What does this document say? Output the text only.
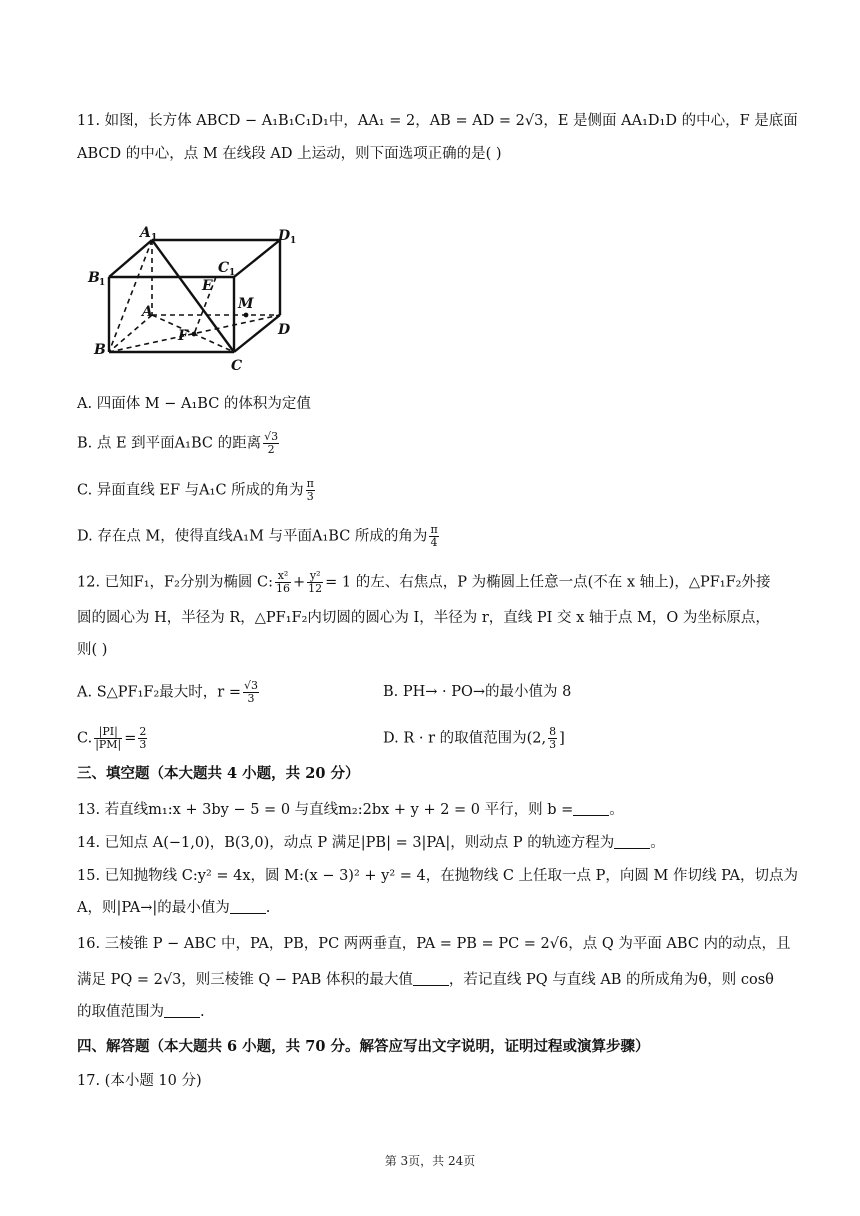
11. 如图，长方体 ABCD − A₁B₁C₁D₁中，AA₁ = 2，AB = AD = 2√3，E 是侧面 AA₁D₁D 的中心，F 是底面
ABCD 的中心，点 M 在线段 AD 上运动，则下面选项正确的是( )
A 1	D 1
B 1
C 1
E
M
A
D
F
B
C
A. 四面体 M − A₁BC 的体积为定值
B. 点 E 到平面A₁BC 的距离 $\frac{√3}{2}$
C. 异面直线 EF 与A₁C 所成的角为 $\frac{\pi}{3}$
D. 存在点 M，使得直线A₁M 与平面A₁BC 所成的角为 $\frac{\pi}{4}$
12. 已知F₁，F₂分别为椭圆 C: $\frac{\text{x²}}{16} + \frac{\text{y²}}{12} = 1$ 的左、右焦点，P 为椭圆上任意一点(不在 x 轴上)，△PF₁F₂外接
圆的圆心为 H，半径为 R，△PF₁F₂内切圆的圆心为 I，半径为 r，直线 PI 交 x 轴于点 M，O 为坐标原点，
则( )
A. S△PF₁F₂最大时，$r = \frac{√3}{3}$	B. PH→ · PO→的最小值为 8
C. $\frac{|PI|}{|PM|} = \frac{2}{3}$	D. R · r 的取值范围为(2, $\frac{8}{3}$ ]
三、填空题（本大题共 4 小题，共 20 分）
13. 若直线m₁:x + 3by − 5 = 0 与直线m₂:2bx + y + 2 = 0 平行，则 b = 。
14. 已知点 A(−1,0)，B(3,0)，动点 P 满足|PB| = 3|PA|，则动点 P 的轨迹方程为 。
15. 已知抛物线 C:y² = 4x，圆 M:(x − 3)² + y² = 4，在抛物线 C 上任取一点 P，向圆 M 作切线 PA，切点为
A，则|PA→|的最小值为 .
16. 三棱锥 P − ABC 中，PA，PB，PC 两两垂直，PA = PB = PC = 2√6，点 Q 为平面 ABC 内的动点，且
满足 PQ = 2√3，则三棱锥 Q − PAB 体积的最大值 ，若记直线 PQ 与直线 AB 的所成角为θ，则 cosθ
的取值范围为 .
四、解答题（本大题共 6 小题，共 70 分。解答应写出文字说明，证明过程或演算步骤）
17. (本小题 10 分)
第 3页，共 24页
